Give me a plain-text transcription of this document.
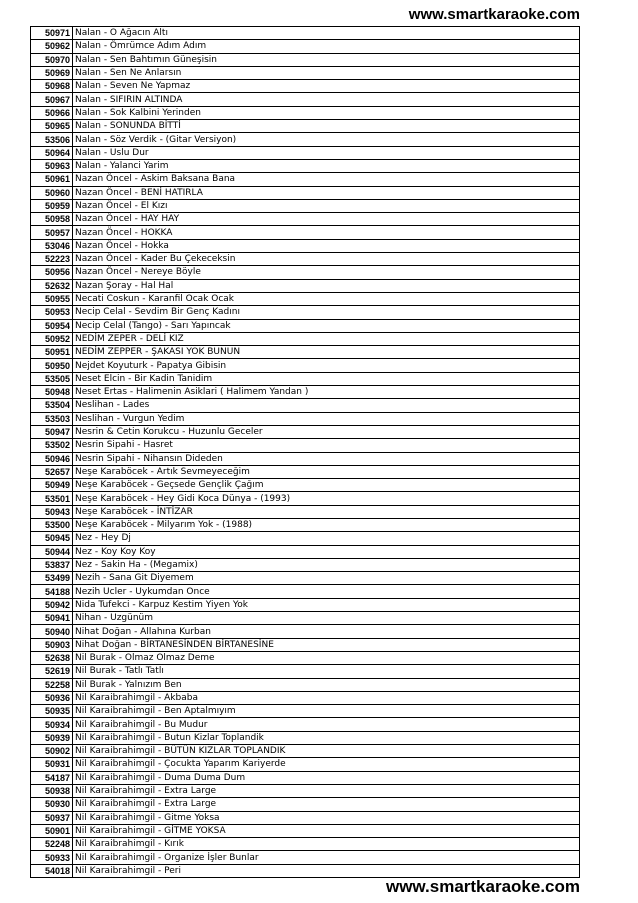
www.smartkaraoke.com
50971	Nalan - O Ağacın Altı
50962	Nalan - Ömrümce Adım Adım
50970	Nalan - Sen Bahtımın Güneşisin
50969	Nalan - Sen Ne Anlarsın
50968	Nalan - Seven Ne Yapmaz
50967	Nalan - SIFIRIN ALTINDA
50966	Nalan - Sok Kalbini Yerinden
50965	Nalan - SONUNDA BİTTİ
53506	Nalan - Söz Verdik - (Gitar Versiyon)
50964	Nalan - Uslu Dur
50963	Nalan - Yalanci Yarim
50961	Nazan Öncel - Askim Baksana Bana
50960	Nazan Öncel - BENİ HATIRLA
50959	Nazan Öncel - El Kızı
50958	Nazan Öncel - HAY HAY
50957	Nazan Öncel - HOKKA
53046	Nazan Öncel - Hokka
52223	Nazan Öncel - Kader Bu Çekeceksin
50956	Nazan Öncel - Nereye Böyle
52632	Nazan Şoray - Hal Hal
50955	Necati Coskun - Karanfil Ocak Ocak
50953	Necip Celal - Sevdim Bir Genç Kadını
50954	Necip Celal (Tango) - Sarı Yapıncak
50952	NEDİM ZEPER - DELİ KIZ
50951	NEDİM ZEPPER - ŞAKASI YOK BUNUN
50950	Nejdet Koyuturk - Papatya Gibisin
53505	Neset Elcin - Bir Kadin Tanidim
50948	Neset Ertas - Halimenin Asiklari ( Halimem Yandan )
53504	Neslihan - Lades
53503	Neslihan - Vurgun Yedim
50947	Nesrin & Cetin Korukcu - Huzunlu Geceler
53502	Nesrin Sipahi - Hasret
50946	Nesrin Sipahi - Nihansın Dideden
52657	Neşe Karaböcek - Artık Sevmeyeceğim
50949	Neşe Karaböcek - Geçsede Gençlik Çağım
53501	Neşe Karaböcek - Hey Gidi Koca Dünya - (1993)
50943	Neşe Karaböcek - İNTİZAR
53500	Neşe Karaböcek - Milyarım Yok - (1988)
50945	Nez - Hey Dj
50944	Nez - Koy Koy Koy
53837	Nez - Sakin Ha - (Megamix)
53499	Nezih - Sana Git Diyemem
54188	Nezih Ucler - Uykumdan Once
50942	Nida Tufekci - Karpuz Kestim Yiyen Yok
50941	Nihan - Uzgünüm
50940	Nihat Doğan - Allahına Kurban
50903	Nihat Doğan - BİRTANESİNDEN BİRTANESİNE
52638	Nil Burak - Olmaz Olmaz Deme
52619	Nil Burak - Tatlı Tatlı
52258	Nil Burak - Yalnızım Ben
50936	Nil Karaibrahimgil - Akbaba
50935	Nil Karaibrahimgil - Ben Aptalmıyım
50934	Nil Karaibrahimgil - Bu Mudur
50939	Nil Karaibrahimgil - Butun Kizlar Toplandik
50902	Nil Karaibrahimgil - BÜTÜN KIZLAR TOPLANDIK
50931	Nil Karaibrahimgil - Çocukta Yaparım Kariyerde
54187	Nil Karaibrahimgil - Duma Duma Dum
50938	Nil Karaibrahimgil - Extra Large
50930	Nil Karaibrahimgil - Extra Large
50937	Nil Karaibrahimgil - Gitme Yoksa
50901	Nil Karaibrahimgil - GİTME YOKSA
52248	Nil Karaibrahimgil - Kırık
50933	Nil Karaibrahimgil - Organize İşler Bunlar
54018	Nil Karaibrahimgil - Peri
www.smartkaraoke.com
